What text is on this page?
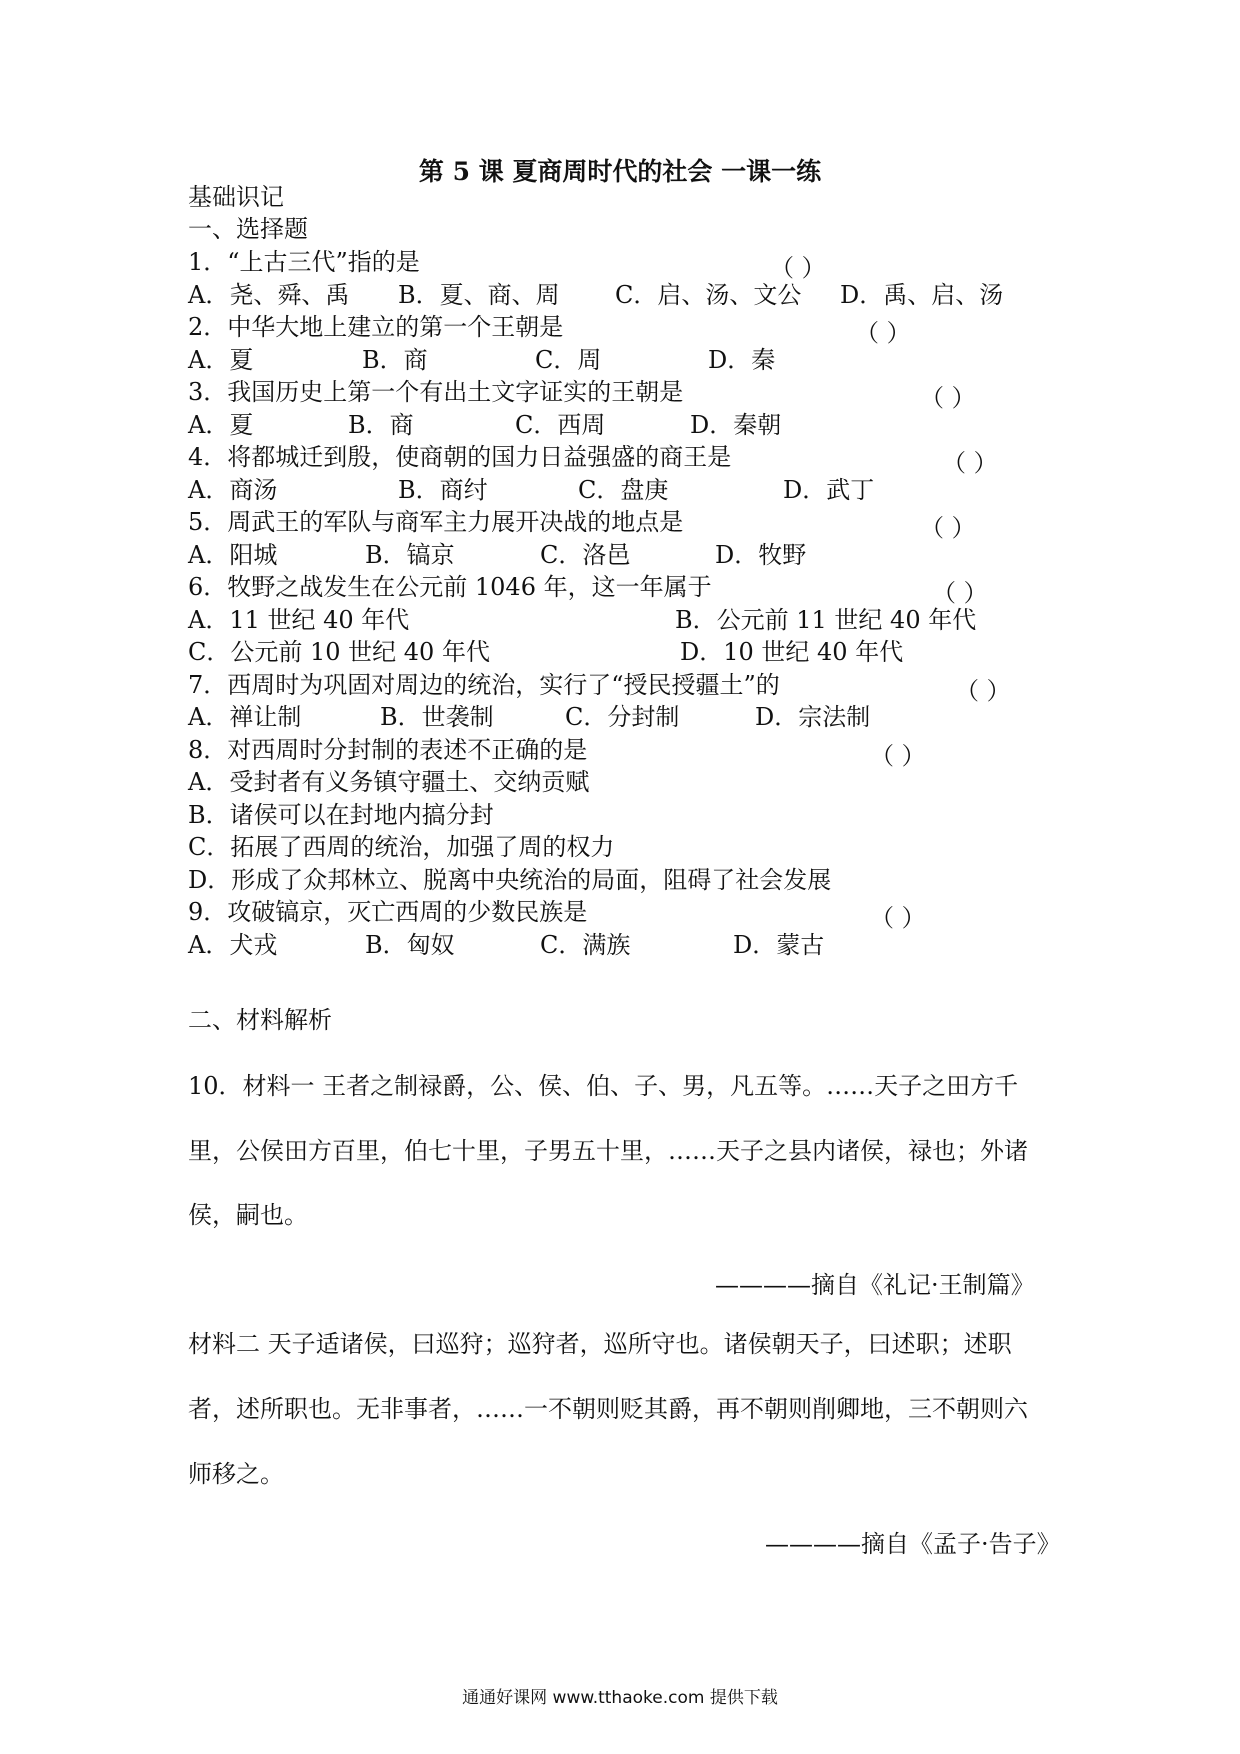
第 5 课 夏商周时代的社会 一课一练
基础识记
一、选择题
1．“上古三代”指的是	（ ）
A．尧、舜、禹 B．夏、商、周 C．启、汤、文公 D．禹、启、汤
2．中华大地上建立的第一个王朝是	（ ）
A．夏	B．商	C．周	D．秦
3．我国历史上第一个有出土文字证实的王朝是	（ ）
A．夏	B．商	C．西周	D．秦朝
4．将都城迁到殷，使商朝的国力日益强盛的商王是	（ ）
A．商汤	B．商纣	C．盘庚	D．武丁
5．周武王的军队与商军主力展开决战的地点是	（ ）
A．阳城	B．镐京	C．洛邑	D．牧野
6．牧野之战发生在公元前 1046 年，这一年属于	（ ）
A．11 世纪 40 年代	B．公元前 11 世纪 40 年代
C．公元前 10 世纪 40 年代	D．10 世纪 40 年代
7．西周时为巩固对周边的统治，实行了“授民授疆土”的	（ ）
A．禅让制	B．世袭制	C．分封制	D．宗法制
8．对西周时分封制的表述不正确的是	（ ）
A．受封者有义务镇守疆土、交纳贡赋
B．诸侯可以在封地内搞分封
C．拓展了西周的统治，加强了周的权力
D．形成了众邦林立、脱离中央统治的局面，阻碍了社会发展
9．攻破镐京，灭亡西周的少数民族是	（ ）
A．犬戎	B．匈奴	C．满族	D．蒙古
二、材料解析
10．材料一 王者之制禄爵，公、侯、伯、子、男，凡五等。……天子之田方千
里，公侯田方百里，伯七十里，子男五十里，……天子之县内诸侯，禄也；外诸
侯，嗣也。
————摘自《礼记·王制篇》
材料二 天子适诸侯，曰巡狩；巡狩者，巡所守也。诸侯朝天子，曰述职；述职
者，述所职也。无非事者，……一不朝则贬其爵，再不朝则削卿地，三不朝则六
师移之。
————摘自《孟子·告子》
通通好课网 www.tthaoke.com 提供下载
